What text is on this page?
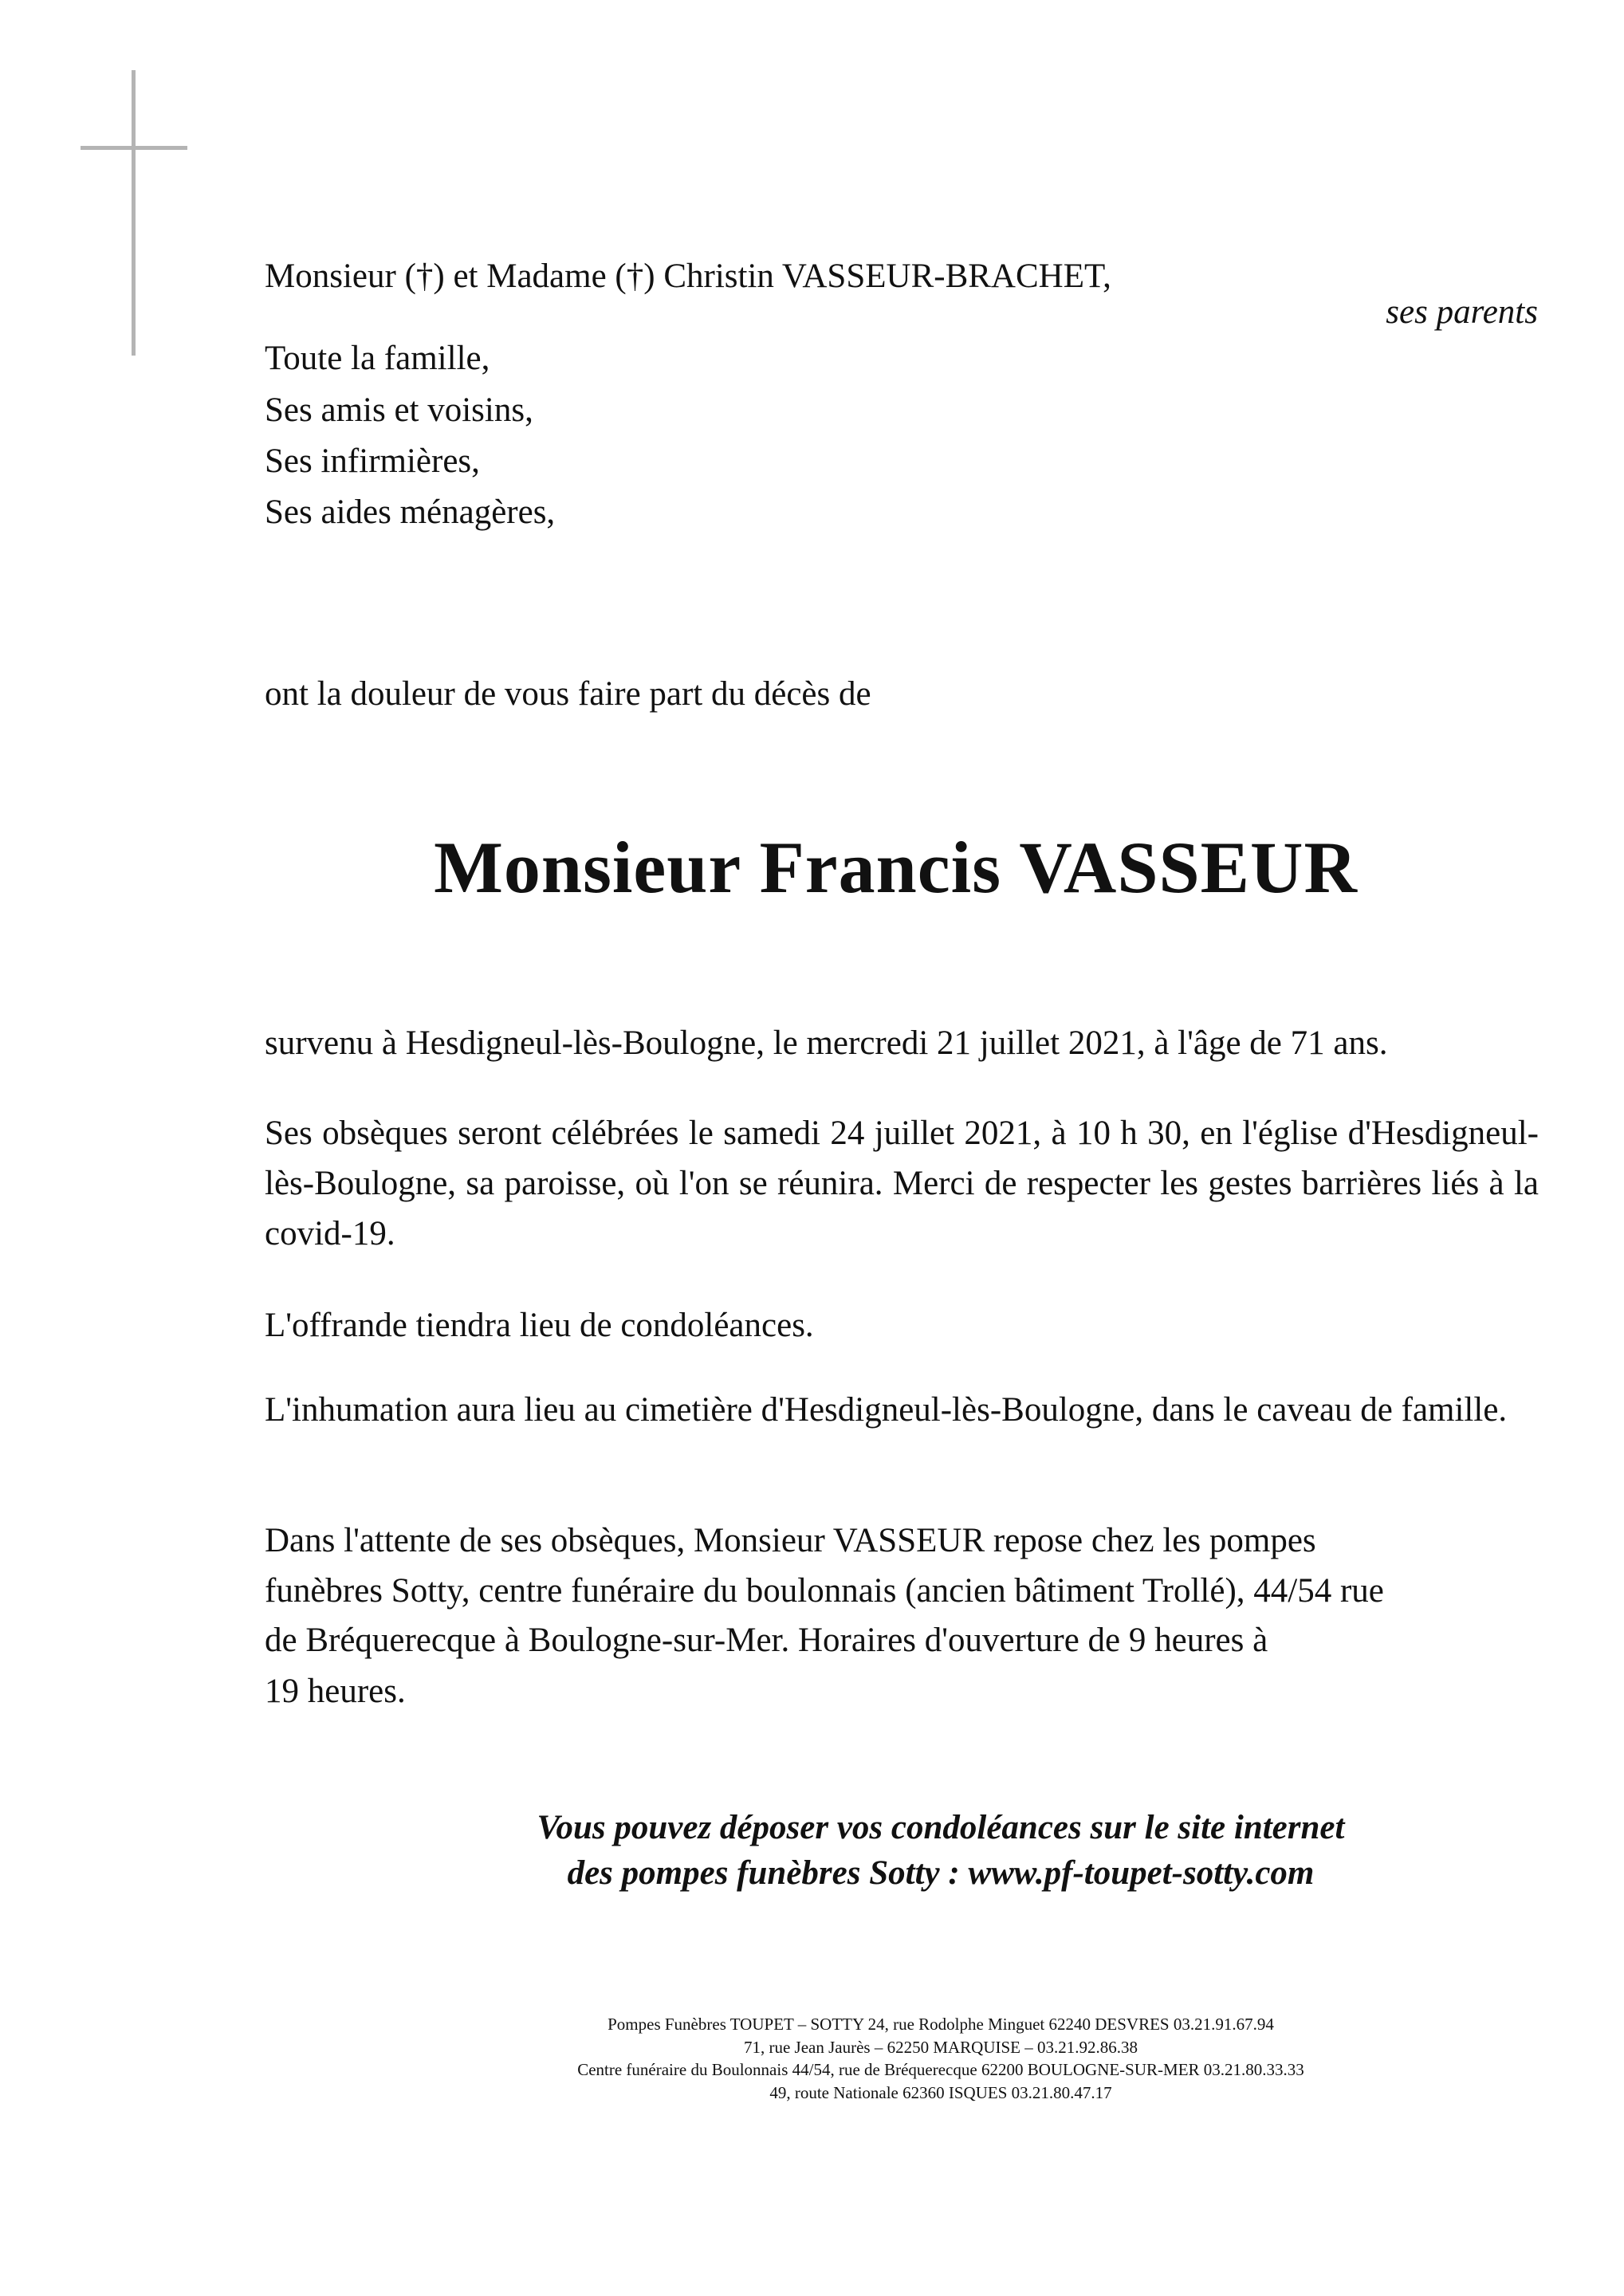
Monsieur (†) et Madame (†) Christin VASSEUR-BRACHET,
ses parents
Toute la famille,
Ses amis et voisins,
Ses infirmières,
Ses aides ménagères,
ont la douleur de vous faire part du décès de
Monsieur Francis VASSEUR
survenu à Hesdigneul-lès-Boulogne, le mercredi 21 juillet 2021, à l'âge de 71 ans.
Ses obsèques seront célébrées le samedi 24 juillet 2021, à 10 h 30, en l'église d'Hesdigneul-lès-Boulogne, sa paroisse, où l'on se réunira. Merci de respecter les gestes barrières liés à la covid-19.
L'offrande tiendra lieu de condoléances.
L'inhumation aura lieu au cimetière d'Hesdigneul-lès-Boulogne, dans le caveau de famille.
Dans l'attente de ses obsèques, Monsieur VASSEUR repose chez les pompes
funèbres Sotty, centre funéraire du boulonnais (ancien bâtiment Trollé), 44/54 rue
de Bréquerecque à Boulogne-sur-Mer. Horaires d'ouverture de 9 heures à
19 heures.
Vous pouvez déposer vos condoléances sur le site internet
des pompes funèbres Sotty : www.pf-toupet-sotty.com
Pompes Funèbres TOUPET – SOTTY 24, rue Rodolphe Minguet 62240 DESVRES 03.21.91.67.94
71, rue Jean Jaurès – 62250 MARQUISE – 03.21.92.86.38
Centre funéraire du Boulonnais 44/54, rue de Bréquerecque 62200 BOULOGNE-SUR-MER 03.21.80.33.33
49, route Nationale 62360 ISQUES 03.21.80.47.17
